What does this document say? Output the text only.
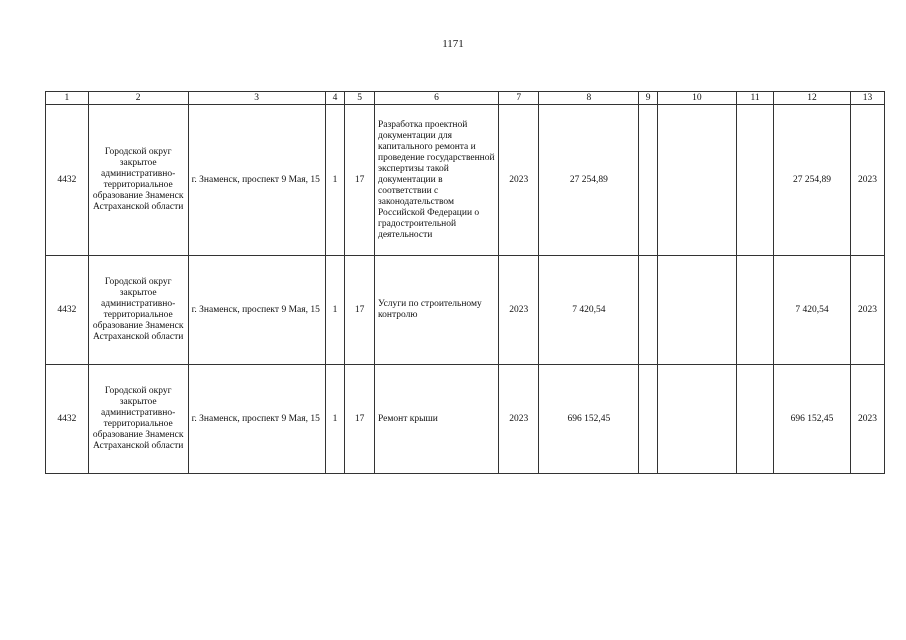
1171
1	2	3	4	5	6	7	8	9	10	11	12	13
4432	Городской округ закрытое административно-территориальное образование Знаменск Астраханской области	г. Знаменск, проспект 9 Мая, 15	1	17	Разработка проектной документации для капитального ремонта и проведение государственной экспертизы такой документации в соответствии с законодательством Российской Федерации о градостроительной деятельности	2023	27 254,89				27 254,89	2023
4432	Городской округ закрытое административно-территориальное образование Знаменск Астраханской области	г. Знаменск, проспект 9 Мая, 15	1	17	Услуги по строительному контролю	2023	7 420,54				7 420,54	2023
4432	Городской округ закрытое административно-территориальное образование Знаменск Астраханской области	г. Знаменск, проспект 9 Мая, 15	1	17	Ремонт крыши	2023	696 152,45				696 152,45	2023
